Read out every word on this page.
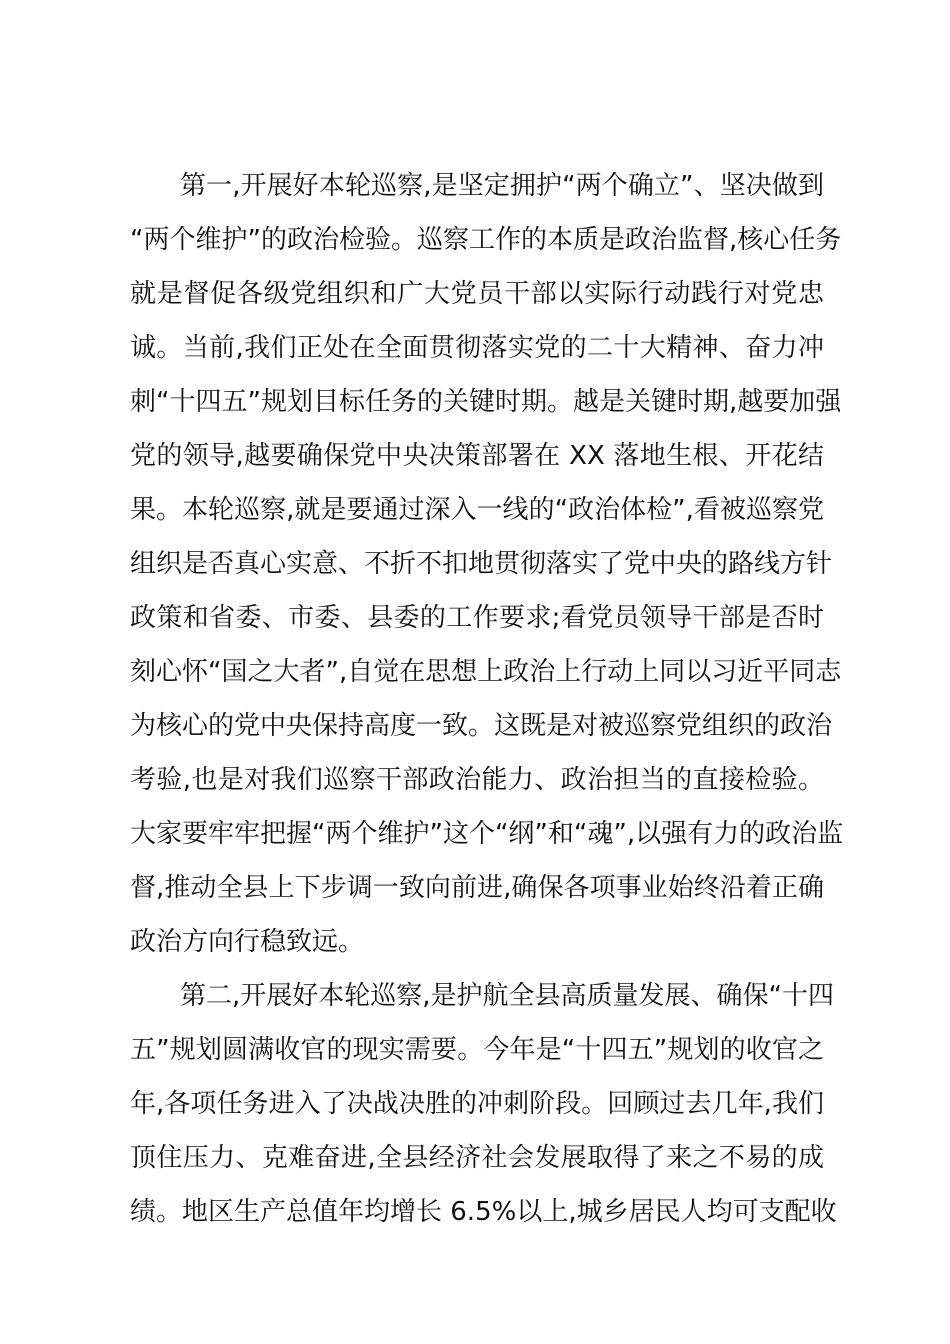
第一,开展好本轮巡察,是坚定拥护“两个确立”、坚决做到
“两个维护”的政治检验。巡察工作的本质是政治监督,核心任务
就是督促各级党组织和广大党员干部以实际行动践行对党忠
诚。当前,我们正处在全面贯彻落实党的二十大精神、奋力冲
刺“十四五”规划目标任务的关键时期。越是关键时期,越要加强
党的领导,越要确保党中央决策部署在 XX 落地生根、开花结
果。本轮巡察,就是要通过深入一线的“政治体检”,看被巡察党
组织是否真心实意、不折不扣地贯彻落实了党中央的路线方针
政策和省委、市委、县委的工作要求;看党员领导干部是否时
刻心怀“国之大者”,自觉在思想上政治上行动上同以习近平同志
为核心的党中央保持高度一致。这既是对被巡察党组织的政治
考验,也是对我们巡察干部政治能力、政治担当的直接检验。
大家要牢牢把握“两个维护”这个“纲”和“魂”,以强有力的政治监
督,推动全县上下步调一致向前进,确保各项事业始终沿着正确
政治方向行稳致远。
第二,开展好本轮巡察,是护航全县高质量发展、确保“十四
五”规划圆满收官的现实需要。今年是“十四五”规划的收官之
年,各项任务进入了决战决胜的冲刺阶段。回顾过去几年,我们
顶住压力、克难奋进,全县经济社会发展取得了来之不易的成
绩。地区生产总值年均增长 6.5%以上,城乡居民人均可支配收
